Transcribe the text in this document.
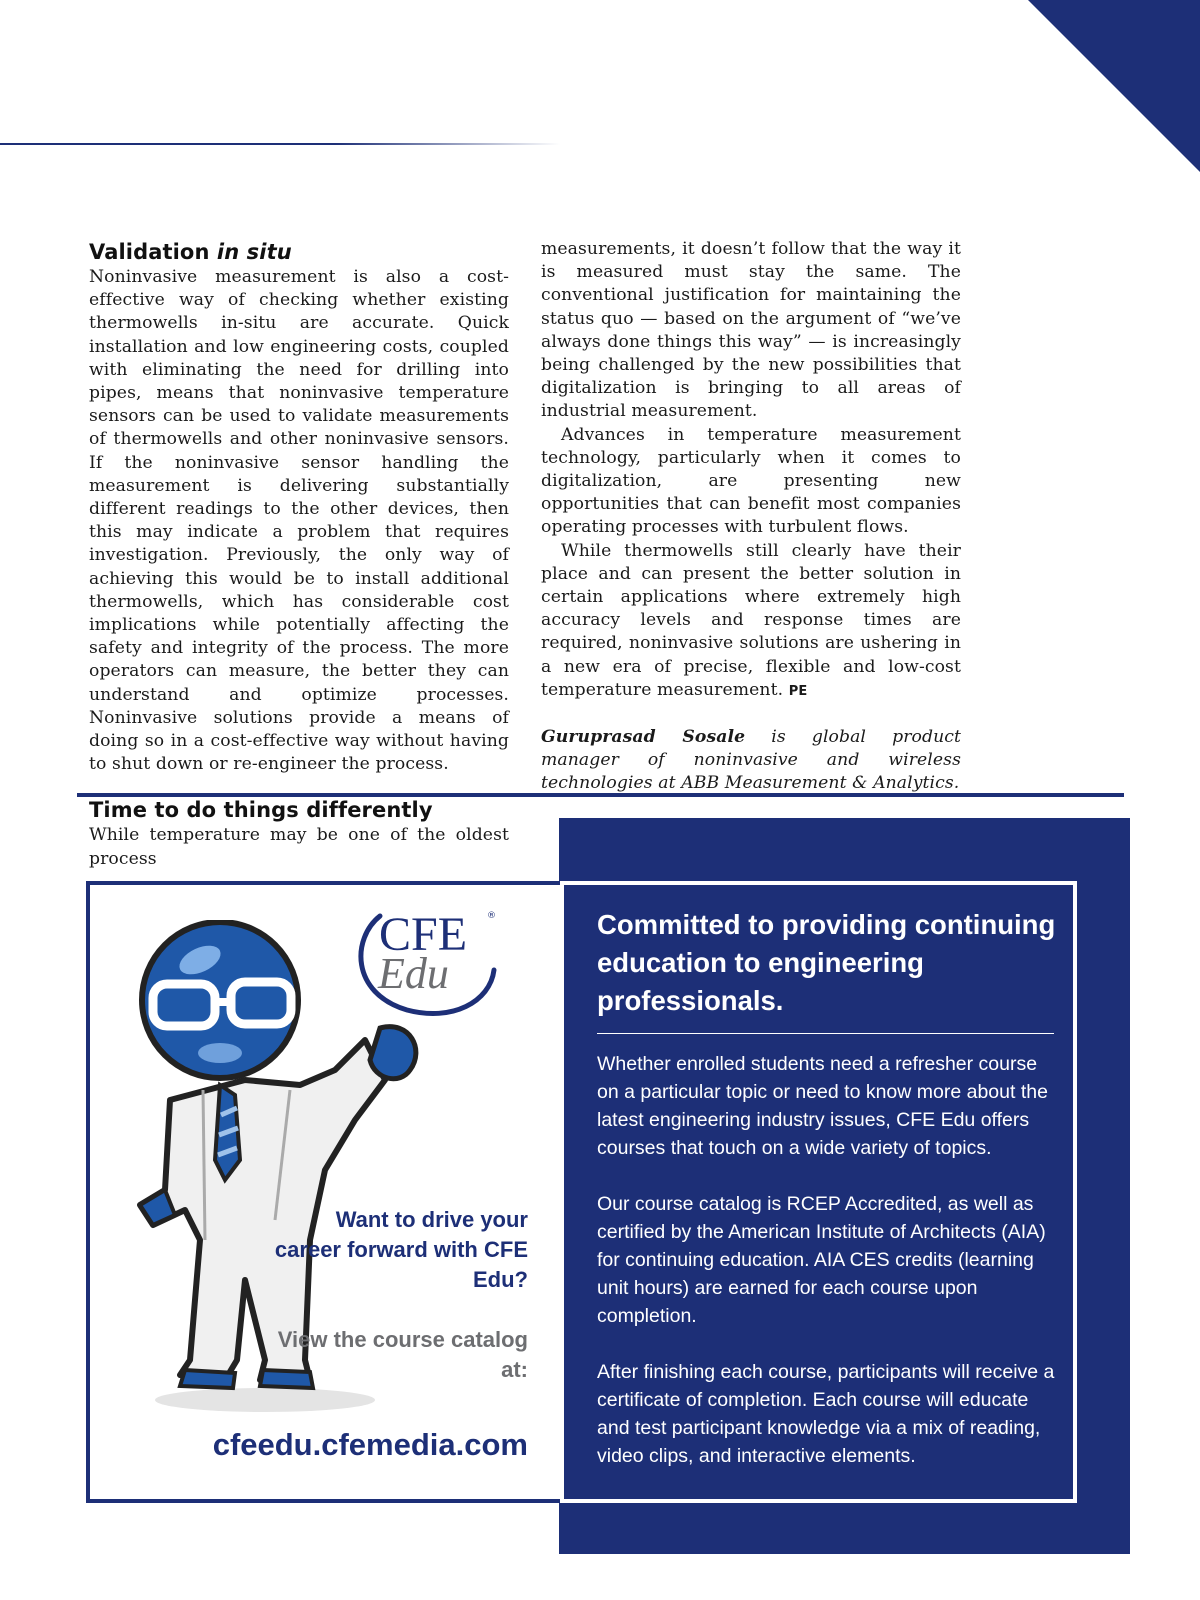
Validation in situ

Noninvasive measurement is also a cost-effective way of checking whether existing thermowells in-situ are accurate. Quick installation and low engineering costs, coupled with eliminating the need for drilling into pipes, means that noninvasive temperature sensors can be used to validate measurements of thermowells and other noninvasive sensors. If the noninvasive sensor handling the measurement is delivering substantially different readings to the other devices, then this may indicate a problem that requires investigation. Previously, the only way of achieving this would be to install additional thermowells, which has considerable cost implications while potentially affecting the safety and integrity of the process. The more operators can measure, the better they can understand and optimize processes. Noninvasive solutions provide a means of doing so in a cost-effective way without having to shut down or re-engineer the process.

Time to do things differently

While temperature may be one of the oldest process

measurements, it doesn’t follow that the way it is measured must stay the same. The conventional justification for maintaining the status quo — based on the argument of “we’ve always done things this way” — is increasingly being challenged by the new possibilities that digitalization is bringing to all areas of industrial measurement.

Advances in temperature measurement technology, particularly when it comes to digitalization, are presenting new opportunities that can benefit most companies operating processes with turbulent flows.

While thermowells still clearly have their place and can present the better solution in certain applications where extremely high accuracy levels and response times are required, noninvasive solutions are ushering in a new era of precise, flexible and low-cost temperature measurement. PE

Guruprasad Sosale is global product manager of noninvasive and wireless technologies at ABB Measurement & Analytics.

CFE ®
Edu
Want to drive your career forward with CFE Edu?
View the course catalog at:
cfeedu.cfemedia.com
Committed to providing continuing education to engineering professionals.

Whether enrolled students need a refresher course on a particular topic or need to know more about the latest engineering industry issues, CFE Edu offers courses that touch on a wide variety of topics.

Our course catalog is RCEP Accredited, as well as certified by the American Institute of Architects (AIA) for continuing education. AIA CES credits (learning unit hours) are earned for each course upon completion.

After finishing each course, participants will receive a certificate of completion. Each course will educate and test participant knowledge via a mix of reading, video clips, and interactive elements.
